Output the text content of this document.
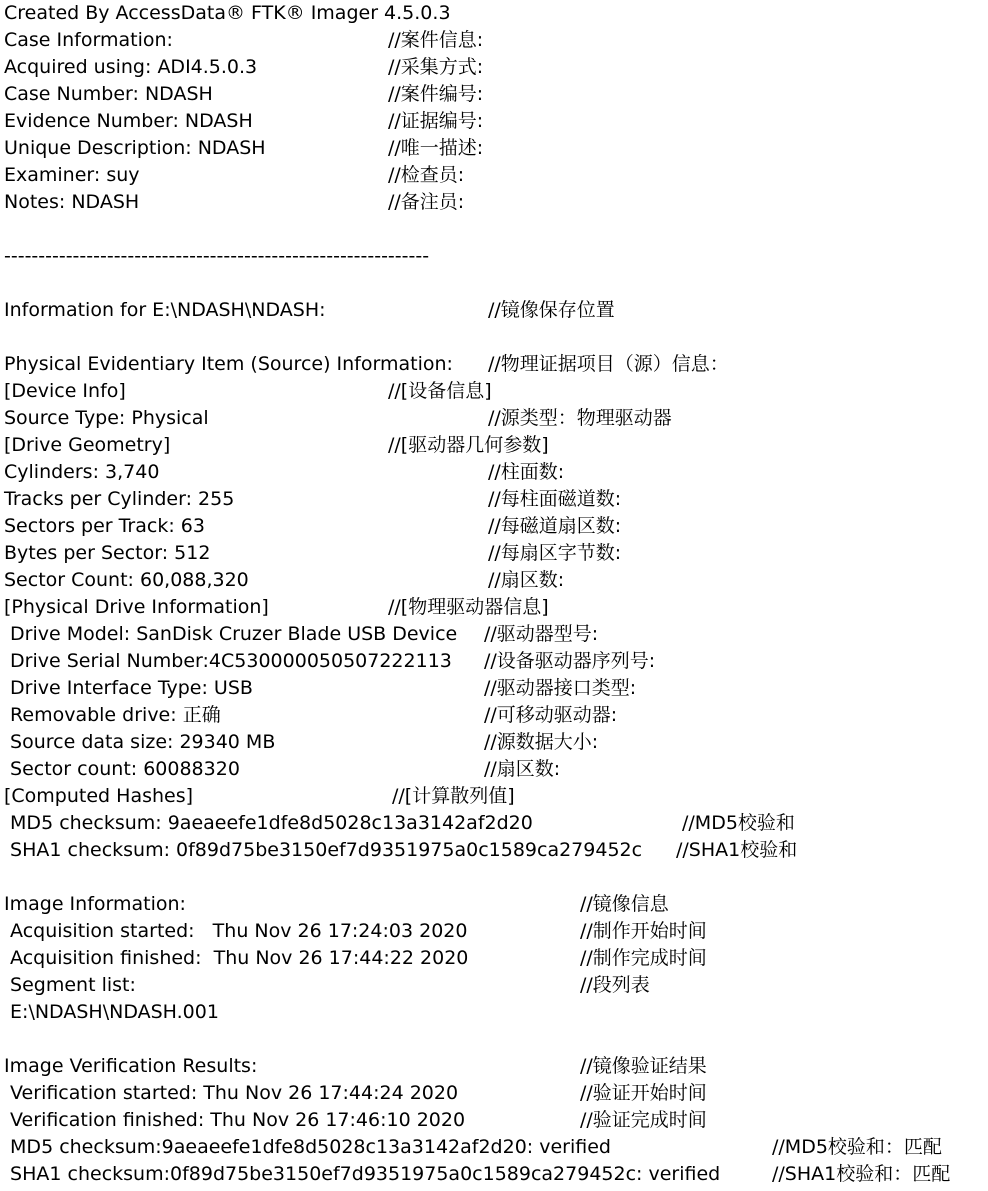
Created By AccessData® FTK® Imager 4.5.0.3
Case Information:	//案件信息:
Acquired using: ADI4.5.0.3	//采集方式:
Case Number: NDASH	//案件编号:
Evidence Number: NDASH	//证据编号:
Unique Description: NDASH	//唯一描述:
Examiner: suy	//检查员:
Notes: NDASH	//备注员:
--------------------------------------------------------------
Information for E:\NDASH\NDASH:	//镜像保存位置
Physical Evidentiary Item (Source) Information: //物理证据项目（源）信息：
[Device Info]	//[设备信息]
Source Type: Physical	//源类型：物理驱动器
[Drive Geometry]	//[驱动器几何参数]
Cylinders: 3,740	//柱面数:
Tracks per Cylinder: 255	//每柱面磁道数:
Sectors per Track: 63	//每磁道扇区数:
Bytes per Sector: 512	//每扇区字节数:
Sector Count: 60,088,320	//扇区数:
[Physical Drive Information]	//[物理驱动器信息]
Drive Model: SanDisk Cruzer Blade USB Device //驱动器型号:
Drive Serial Number:4C530000050507222113 //设备驱动器序列号:
Drive Interface Type: USB	//驱动器接口类型:
Removable drive: 正确	//可移动驱动器:
Source data size: 29340 MB	//源数据大小:
Sector count: 60088320	//扇区数:
[Computed Hashes]	//[计算散列值]
MD5 checksum: 9aeaeefe1dfe8d5028c13a3142af2d20	//MD5校验和
SHA1 checksum: 0f89d75be3150ef7d9351975a0c1589ca279452c //SHA1校验和
Image Information:	//镜像信息
Acquisition started:   Thu Nov 26 17:24:03 2020	//制作开始时间
Acquisition finished:  Thu Nov 26 17:44:22 2020	//制作完成时间
Segment list:	//段列表
E:\NDASH\NDASH.001
Image Verification Results:	//镜像验证结果
Verification started: Thu Nov 26 17:44:24 2020	//验证开始时间
Verification finished: Thu Nov 26 17:46:10 2020	//验证完成时间
MD5 checksum:9aeaeefe1dfe8d5028c13a3142af2d20: verified	//MD5校验和：匹配
SHA1 checksum:0f89d75be3150ef7d9351975a0c1589ca279452c: verified	//SHA1校验和：匹配
